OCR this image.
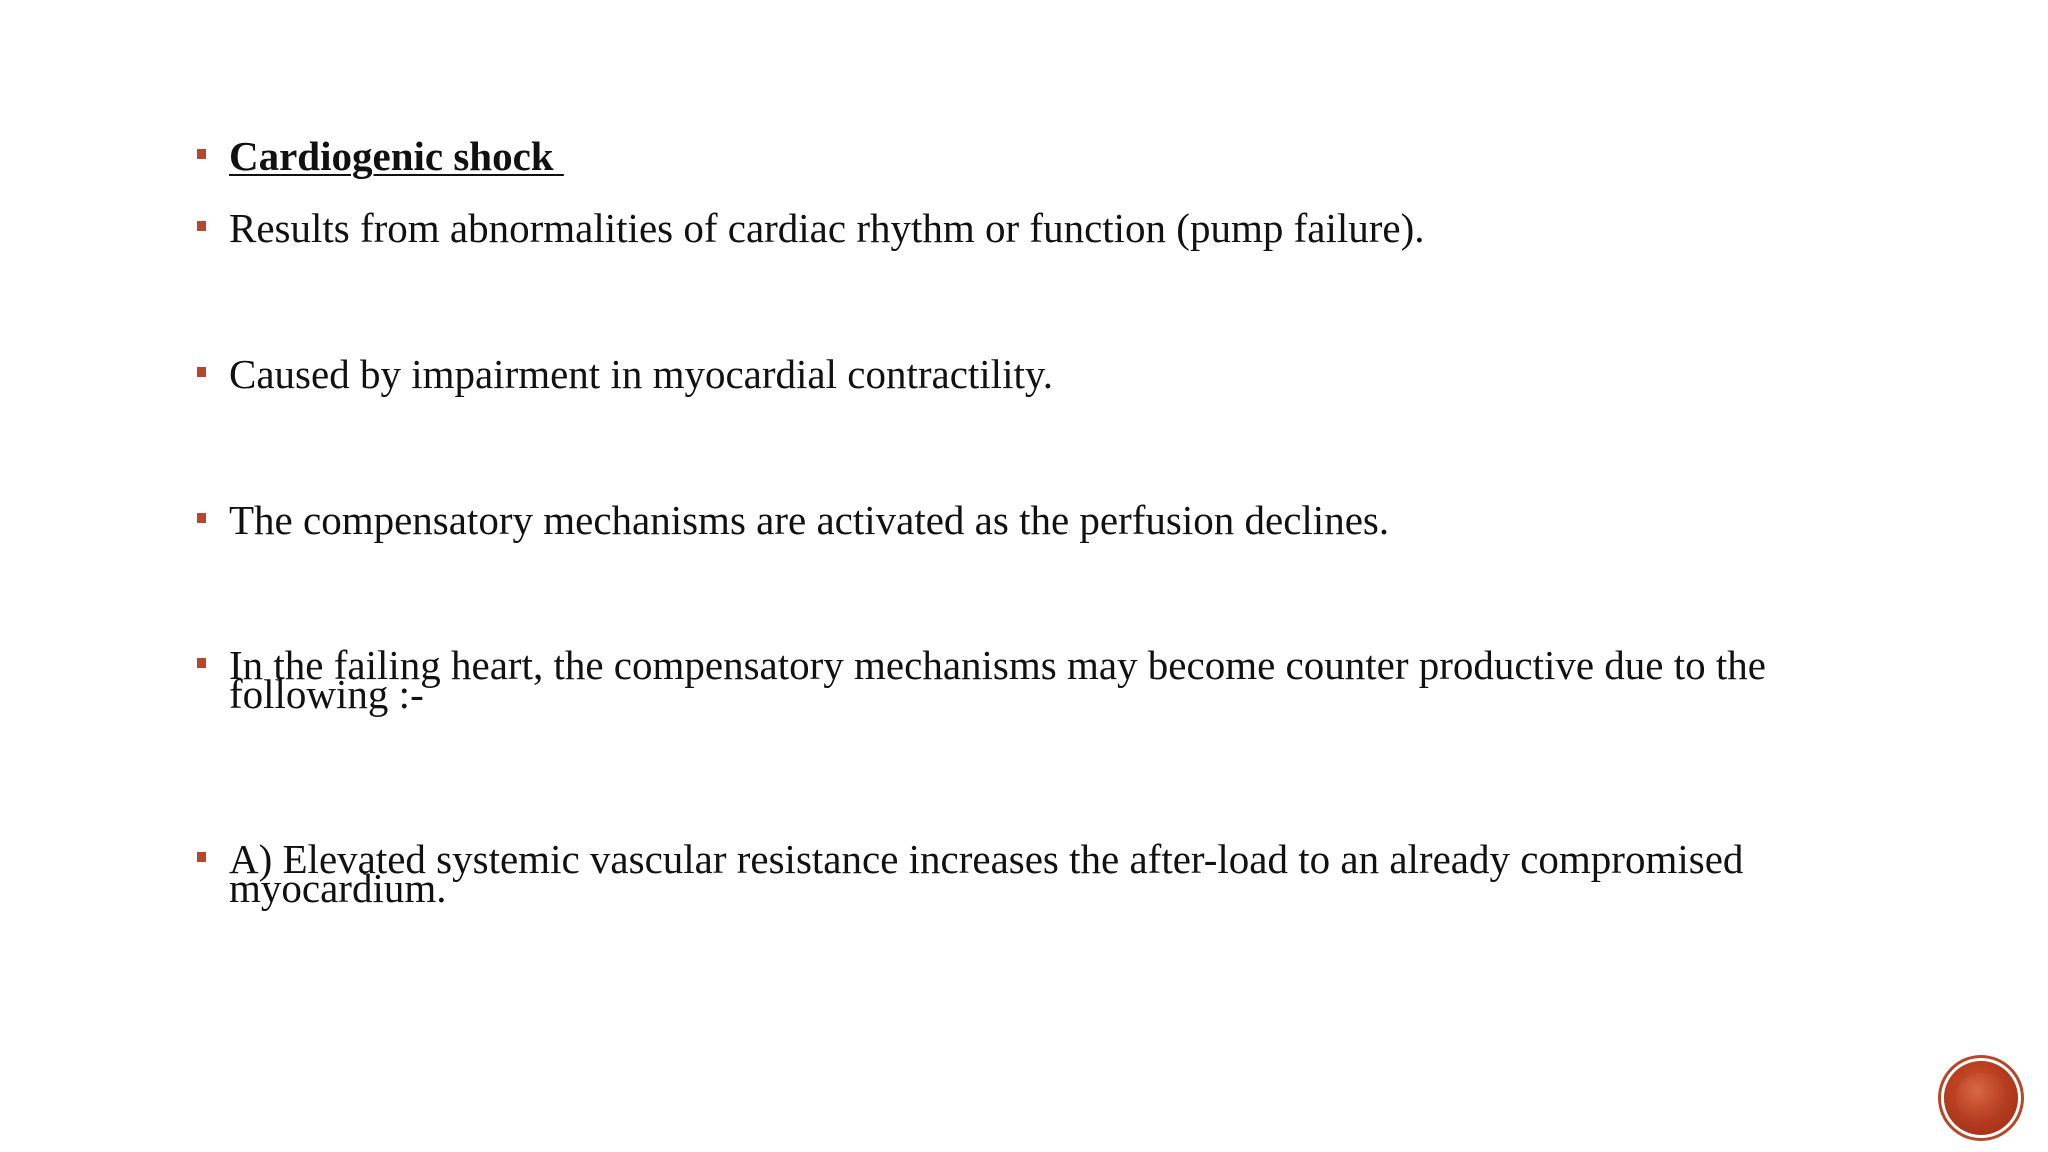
Cardiogenic shock
Results from abnormalities of cardiac rhythm or function (pump failure).
Caused by impairment in myocardial contractility.
The compensatory mechanisms are activated as the perfusion declines.
In the failing heart, the compensatory mechanisms may become counter productive due to the following :-
A) Elevated systemic vascular resistance increases the after-load to an already compromised myocardium.
